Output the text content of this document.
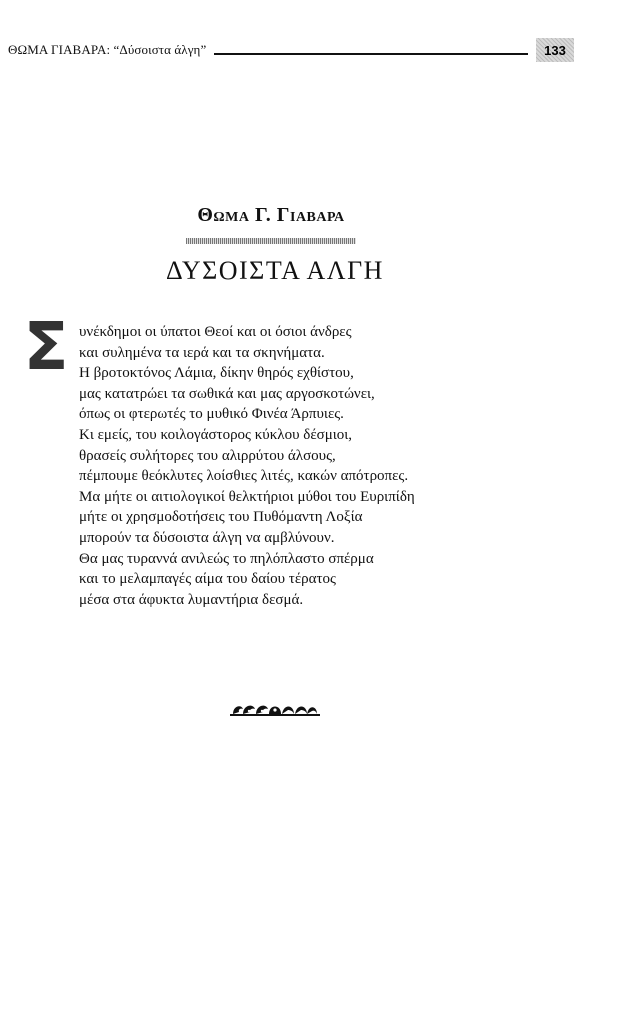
ΘΩΜΑ ΓΙΑΒΑΡΑ: “Δύσοιστα άλγη”	133
Θωμα Γ. Γιαβαρα
ΔΥΣΟΙΣΤΑ ΑΛΓΗ
Σ υνέκδημοι οι ύπατοι Θεοί και οι όσιοι άνδρες
και συλημένα τα ιερά και τα σκηνήματα.
Η βροτοκτόνος Λάμια, δίκην θηρός εχθίστου,
μας κατατρώει τα σωθικά και μας αργοσκοτώνει,
όπως οι φτερωτές το μυθικό Φινέα Άρπυιες.
Κι εμείς, του κοιλογάστορος κύκλου δέσμιοι,
θρασείς συλήτορες του αλιρρύτου άλσους,
πέμπουμε θεόκλυτες λοίσθιες λιτές, κακών απότροπες.
Μα μήτε οι αιτιολογικοί θελκτήριοι μύθοι του Ευριπίδη
μήτε οι χρησμοδοτήσεις του Πυθόμαντη Λοξία
μπορούν τα δύσοιστα άλγη να αμβλύνουν.
Θα μας τυραννά ανιλεώς το πηλόπλαστο σπέρμα
και το μελαμπαγές αίμα του δαίου τέρατος
μέσα στα άφυκτα λυμαντήρια δεσμά.
